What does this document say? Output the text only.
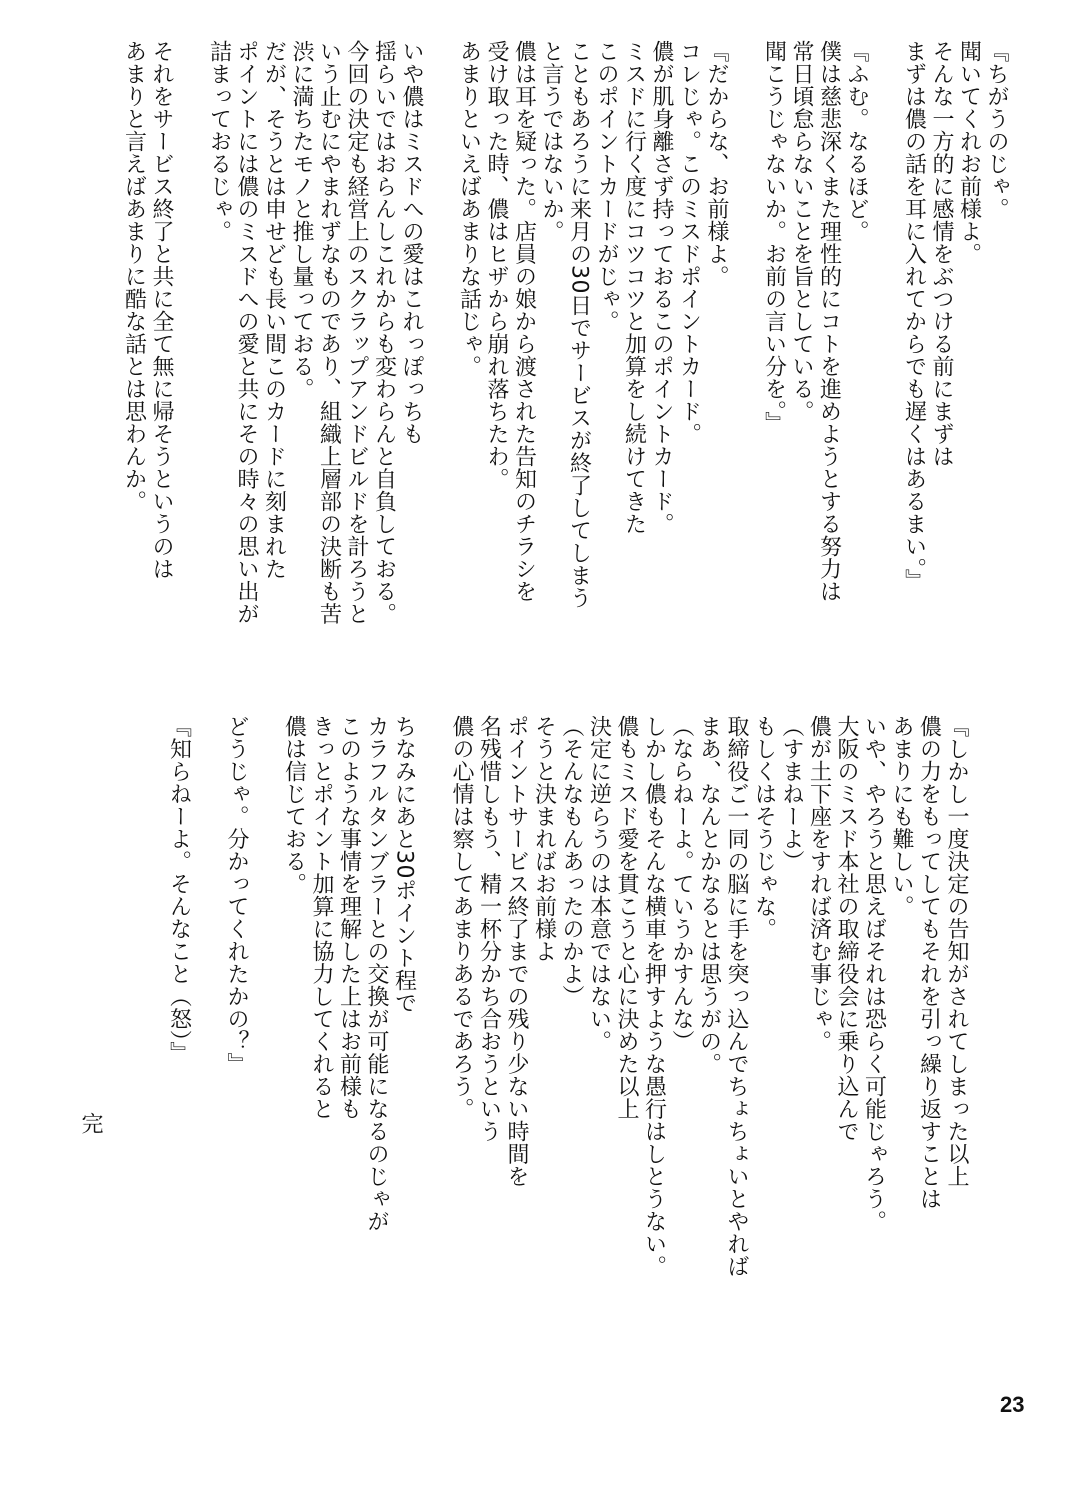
『ちがうのじゃ。
聞いてくれお前様よ。
そんな一方的に感情をぶつける前にまずは
まずは儂の話を耳に入れてからでも遅くはあるまい。』
『ふむ。なるほど。
僕は慈悲深くまた理性的にコトを進めようとする努力は
常日頃怠らないことを旨としている。
聞こうじゃないか。お前の言い分を。』
『だからな、お前様よ。
コレじゃ。このミスドポイントカード。
儂が肌身離さず持っておるこのポイントカード。
ミスドに行く度にコツコツと加算をし続けてきた
このポイントカードがじゃ。
こともあろうに来月の30日でサービスが終了してしまう
と言うではないか。
儂は耳を疑った。店員の娘から渡された告知のチラシを
受け取った時、儂はヒザから崩れ落ちたわ。
あまりといえばあまりな話じゃ。
いや儂はミスドへの愛はこれっぽっちも
揺らいではおらんしこれからも変わらんと自負しておる。
今回の決定も経営上のスクラップアンドビルドを計ろうと
いう止むにやまれずなものであり、組織上層部の決断も苦
渋に満ちたモノと推し量っておる。
だが、そうとは申せども長い間このカードに刻まれた
ポイントには儂のミスドへの愛と共にその時々の思い出が
詰まっておるじゃ。
それをサービス終了と共に全て無に帰そうというのは
あまりと言えばあまりに酷な話とは思わんか。
『しかし一度決定の告知がされてしまった以上
儂の力をもってしてもそれを引っ繰り返すことは
あまりにも難しい。
いや、やろうと思えばそれは恐らく可能じゃろう。
大阪のミスド本社の取締役会に乗り込んで
儂が土下座をすれば済む事じゃ。
（すまねーよ）
もしくはそうじゃな。
取締役ご一同の脳に手を突っ込んでちょちょいとやれば
まあ、なんとかなるとは思うがの。
（ならねーよ。ていうかすんな）
しかし儂もそんな横車を押すような愚行はしとうない。
儂もミスド愛を貫こうと心に決めた以上
決定に逆らうのは本意ではない。
（そんなもんあったのかよ）
そうと決まればお前様よ
ポイントサービス終了までの残り少ない時間を
名残惜しもう、精一杯分かち合おうという
儂の心情は察してあまりあるであろう。
ちなみにあと30ポイント程で
カラフルタンブラーとの交換が可能になるのじゃが
このような事情を理解した上はお前様も
きっとポイント加算に協力してくれると
儂は信じておる。
どうじゃ。分かってくれたかの？』
『知らねーよ。そんなこと（怒）』
完
23
